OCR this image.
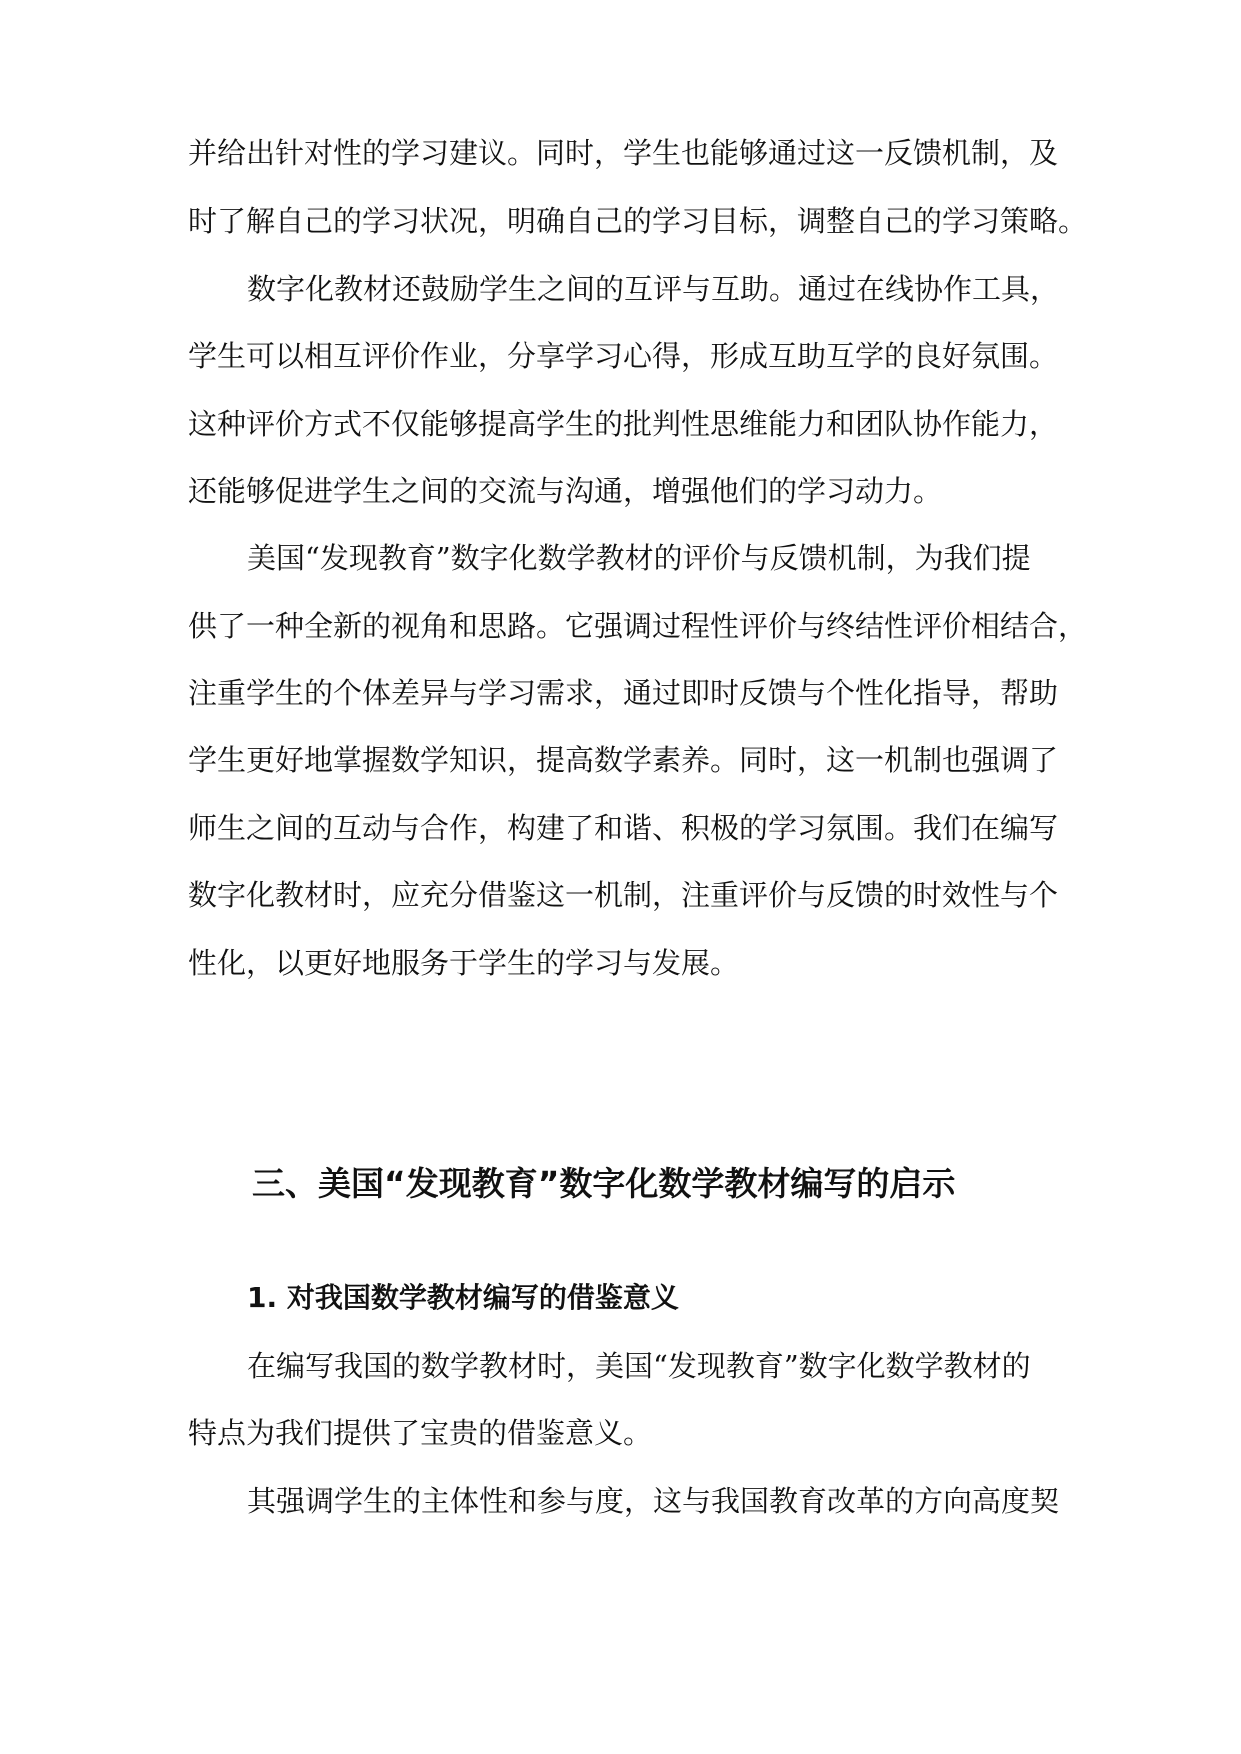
并给出针对性的学习建议。同时，学生也能够通过这一反馈机制，及
时了解自己的学习状况，明确自己的学习目标，调整自己的学习策略。
数字化教材还鼓励学生之间的互评与互助。通过在线协作工具，
学生可以相互评价作业，分享学习心得，形成互助互学的良好氛围。
这种评价方式不仅能够提高学生的批判性思维能力和团队协作能力，
还能够促进学生之间的交流与沟通，增强他们的学习动力。
美国“发现教育”数字化数学教材的评价与反馈机制，为我们提
供了一种全新的视角和思路。它强调过程性评价与终结性评价相结合，
注重学生的个体差异与学习需求，通过即时反馈与个性化指导，帮助
学生更好地掌握数学知识，提高数学素养。同时，这一机制也强调了
师生之间的互动与合作，构建了和谐、积极的学习氛围。我们在编写
数字化教材时，应充分借鉴这一机制，注重评价与反馈的时效性与个
性化，以更好地服务于学生的学习与发展。
三、美国“发现教育”数字化数学教材编写的启示
1. 对我国数学教材编写的借鉴意义
在编写我国的数学教材时，美国“发现教育”数字化数学教材的
特点为我们提供了宝贵的借鉴意义。
其强调学生的主体性和参与度，这与我国教育改革的方向高度契
